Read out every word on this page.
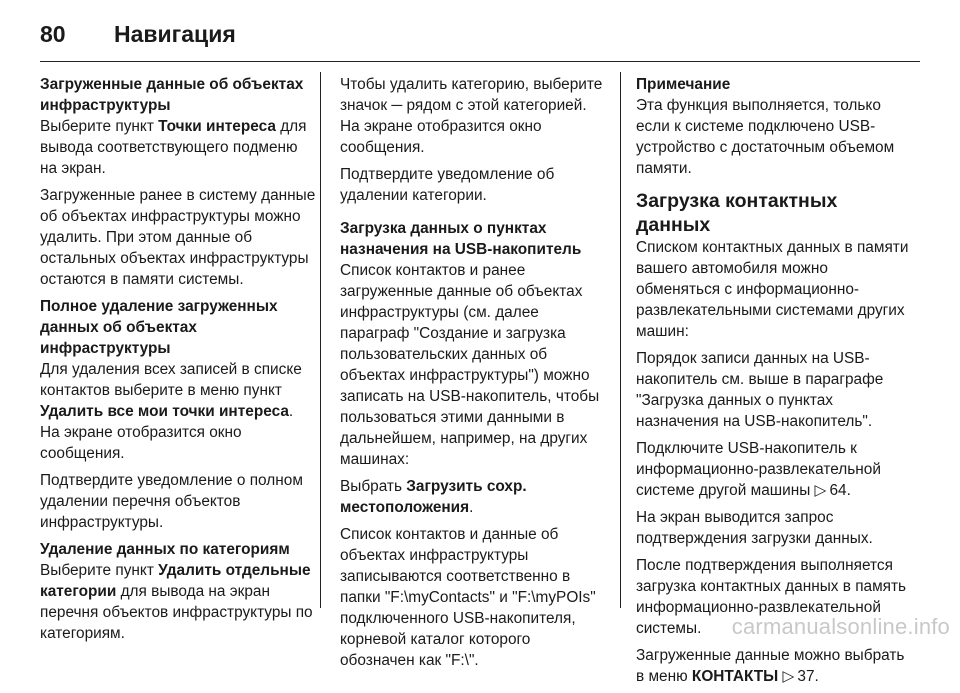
80	Навигация
Загруженные данные об объектах инфраструктуры

Выберите пункт Точки интереса для вывода соответствующего подменю на экран.

Загруженные ранее в систему данные об объектах инфраструктуры можно удалить. При этом данные об остальных объектах инфраструктуры остаются в памяти системы.

Полное удаление загруженных данных об объектах инфраструктуры

Для удаления всех записей в списке контактов выберите в меню пункт Удалить все мои точки интереса. На экране отобразится окно сообщения.

Подтвердите уведомление о полном удалении перечня объектов инфраструктуры.

Удаление данных по категориям

Выберите пункт Удалить отдельные категории для вывода на экран перечня объектов инфраструктуры по категориям.

Чтобы удалить категорию, выберите значок ─ рядом с этой категорией. На экране отобразится окно сообщения.

Подтвердите уведомление об удалении категории.

Загрузка данных о пунктах назначения на USB-накопитель

Список контактов и ранее загруженные данные об объектах инфраструктуры (см. далее параграф "Создание и загрузка пользовательских данных об объектах инфраструктуры") можно записать на USB-накопитель, чтобы пользоваться этими данными в дальнейшем, например, на других машинах:

Выбрать Загрузить сохр. местоположения.

Список контактов и данные об объектах инфраструктуры записываются соответственно в папки "F:\myContacts" и "F:\myPOIs" подключенного USB-накопителя, корневой каталог которого обозначен как "F:\".

Примечание

Эта функция выполняется, только если к системе подключено USB-устройство с достаточным объемом памяти.

Загрузка контактных данных

Списком контактных данных в памяти вашего автомобиля можно обменяться с информационно-развлекательными системами других машин:

Порядок записи данных на USB-накопитель см. выше в параграфе "Загрузка данных о пунктах назначения на USB-накопитель".

Подключите USB-накопитель к информационно-развлекательной системе другой машины ▷  64.

На экран выводится запрос подтверждения загрузки данных.

После подтверждения выполняется загрузка контактных данных в память информационно-развлекательной системы.

Загруженные данные можно выбрать в меню КОНТАКТЫ ▷  37.

carmanualsonline.info
